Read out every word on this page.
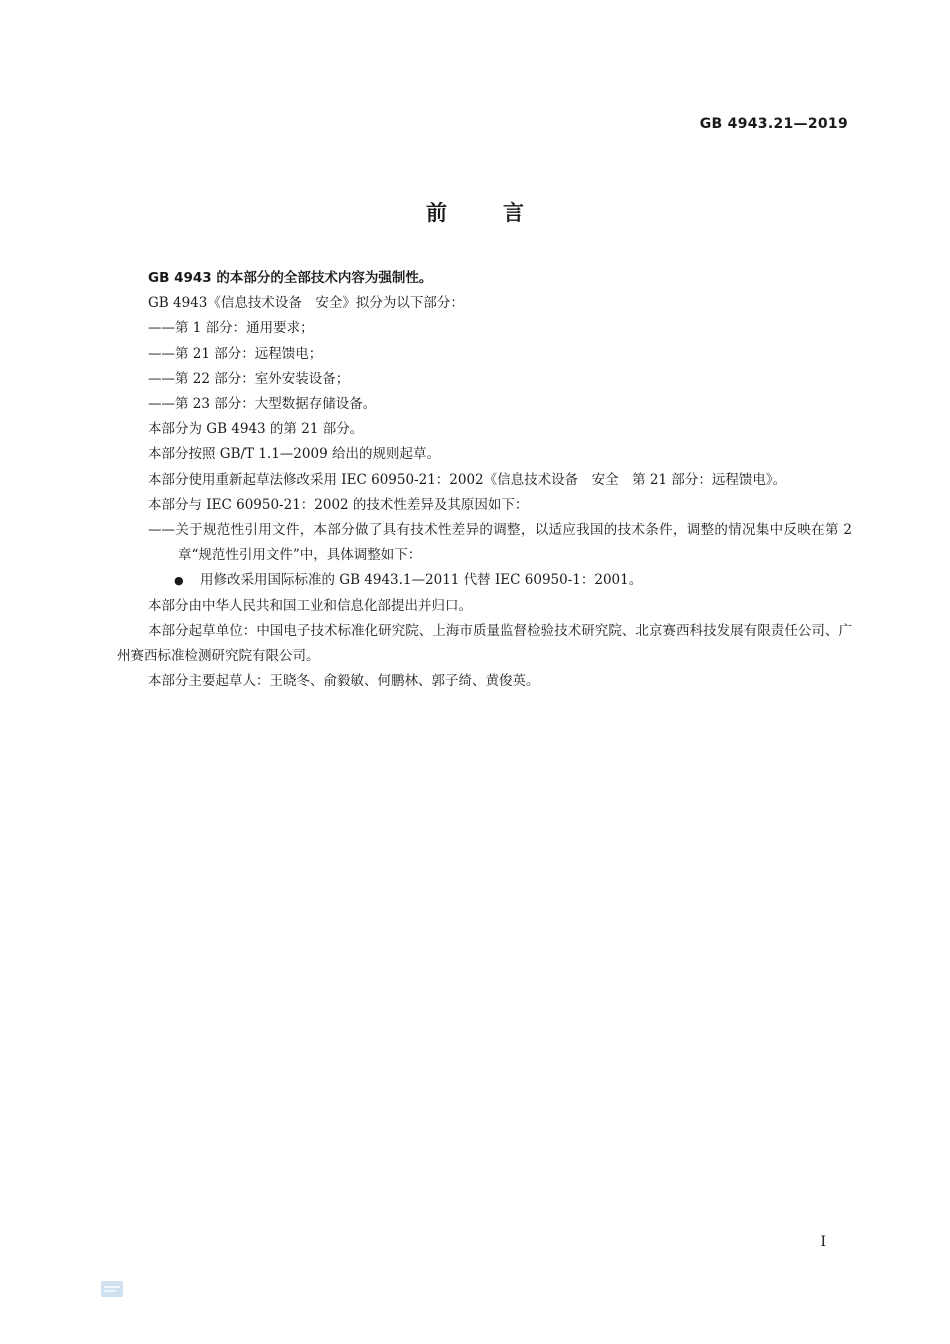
GB 4943.21—2019
前言

GB 4943 的本部分的全部技术内容为强制性。

GB 4943《信息技术设备　安全》拟分为以下部分：

——第 1 部分：通用要求；

——第 21 部分：远程馈电；

——第 22 部分：室外安装设备；

——第 23 部分：大型数据存储设备。

本部分为 GB 4943 的第 21 部分。

本部分按照 GB/T 1.1—2009 给出的规则起草。

本部分使用重新起草法修改采用 IEC 60950-21：2002《信息技术设备　安全　第 21 部分：远程馈电》。

本部分与 IEC 60950-21：2002 的技术性差异及其原因如下：

——关于规范性引用文件，本部分做了具有技术性差异的调整，以适应我国的技术条件，调整的情况集中反映在第 2 章“规范性引用文件”中，具体调整如下：

● 用修改采用国际标准的 GB 4943.1—2011 代替 IEC 60950-1：2001。

本部分由中华人民共和国工业和信息化部提出并归口。

本部分起草单位：中国电子技术标准化研究院、上海市质量监督检验技术研究院、北京赛西科技发展有限责任公司、广州赛西标准检测研究院有限公司。

本部分主要起草人：王晓冬、俞毅敏、何鹏林、郭子绮、黄俊英。

I
